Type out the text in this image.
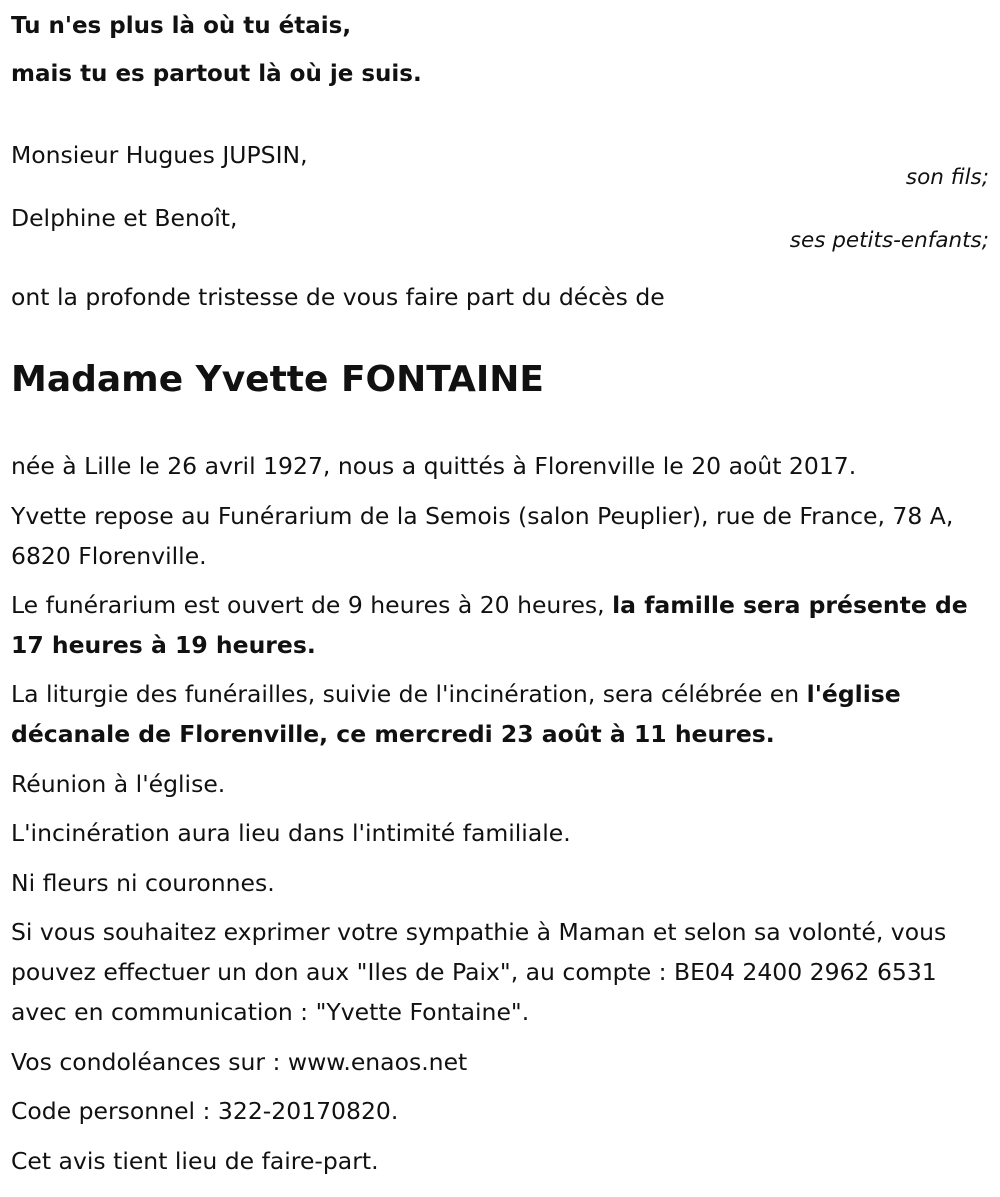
Tu n'es plus là où tu étais,
mais tu es partout là où je suis.
Monsieur Hugues JUPSIN,
son fils;
Delphine et Benoît,
ses petits-enfants;
ont la profonde tristesse de vous faire part du décès de
Madame Yvette FONTAINE

née à Lille le 26 avril 1927, nous a quittés à Florenville le 20 août 2017.

Yvette repose au Funérarium de la Semois (salon Peuplier), rue de France, 78 A, 6820 Florenville.

Le funérarium est ouvert de 9 heures à 20 heures, la famille sera présente de 17 heures à 19 heures.

La liturgie des funérailles, suivie de l'incinération, sera célébrée en l'église décanale de Florenville, ce mercredi 23 août à 11 heures.

Réunion à l'église.

L'incinération aura lieu dans l'intimité familiale.

Ni fleurs ni couronnes.

Si vous souhaitez exprimer votre sympathie à Maman et selon sa volonté, vous pouvez effectuer un don aux "Iles de Paix", au compte : BE04 2400 2962 6531 avec en communication : "Yvette Fontaine".

Vos condoléances sur : www.enaos.net

Code personnel : 322-20170820.

Cet avis tient lieu de faire-part.
